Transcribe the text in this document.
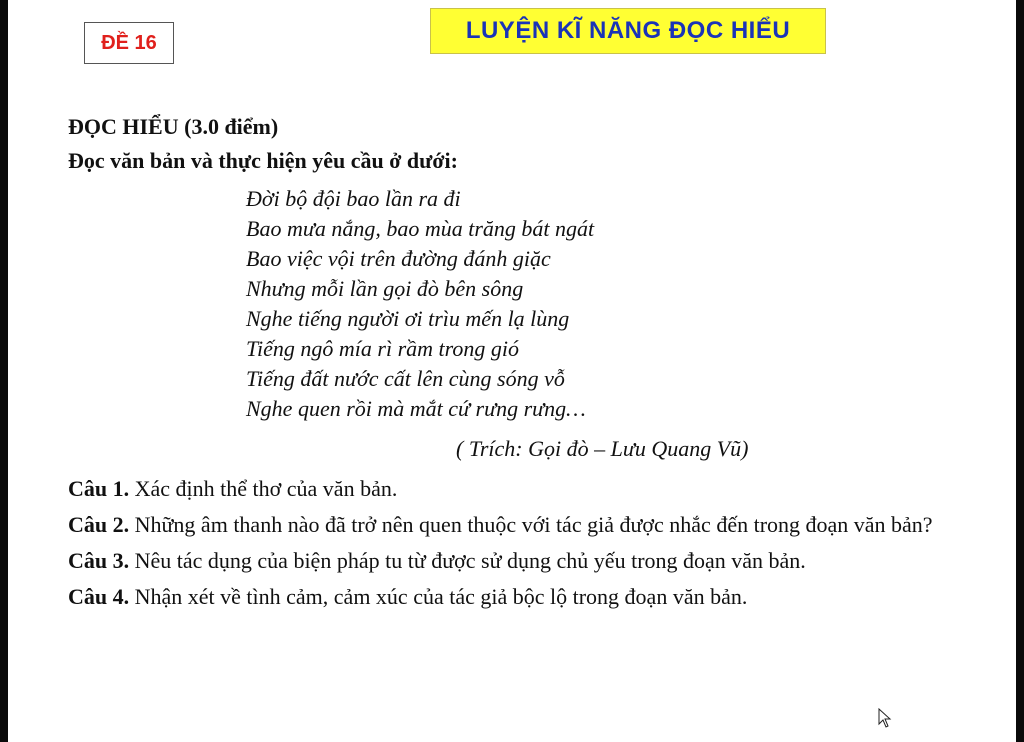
ĐỀ 16	LUYỆN KĨ NĂNG ĐỌC HIỂU
ĐỌC HIỂU (3.0 điểm)
Đọc văn bản và thực hiện yêu cầu ở dưới:
Đời bộ đội bao lần ra đi
Bao mưa nắng, bao mùa trăng bát ngát
Bao việc vội trên đường đánh giặc
Nhưng mỗi lần gọi đò bên sông
Nghe tiếng người ơi trìu mến lạ lùng
Tiếng ngô mía rì rầm trong gió
Tiếng đất nước cất lên cùng sóng vỗ
Nghe quen rồi mà mắt cứ rưng rưng…
( Trích: Gọi đò – Lưu Quang Vũ)
Câu 1. Xác định thể thơ của văn bản.
Câu 2. Những âm thanh nào đã trở nên quen thuộc với tác giả được nhắc đến trong đoạn văn bản?
Câu 3. Nêu tác dụng của biện pháp tu từ được sử dụng chủ yếu trong đoạn văn bản.
Câu 4. Nhận xét về tình cảm, cảm xúc của tác giả bộc lộ trong đoạn văn bản.
